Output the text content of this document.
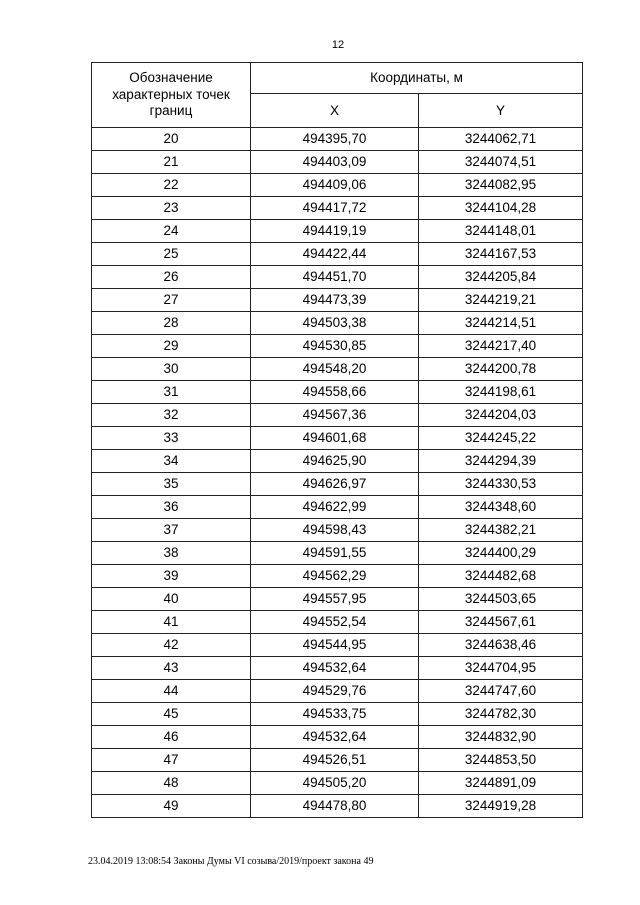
12
Обозначение характерных точек границ	Координаты, м	
	X	Y
20	494395,70	3244062,71
21	494403,09	3244074,51
22	494409,06	3244082,95
23	494417,72	3244104,28
24	494419,19	3244148,01
25	494422,44	3244167,53
26	494451,70	3244205,84
27	494473,39	3244219,21
28	494503,38	3244214,51
29	494530,85	3244217,40
30	494548,20	3244200,78
31	494558,66	3244198,61
32	494567,36	3244204,03
33	494601,68	3244245,22
34	494625,90	3244294,39
35	494626,97	3244330,53
36	494622,99	3244348,60
37	494598,43	3244382,21
38	494591,55	3244400,29
39	494562,29	3244482,68
40	494557,95	3244503,65
41	494552,54	3244567,61
42	494544,95	3244638,46
43	494532,64	3244704,95
44	494529,76	3244747,60
45	494533,75	3244782,30
46	494532,64	3244832,90
47	494526,51	3244853,50
48	494505,20	3244891,09
49	494478,80	3244919,28
23.04.2019 13:08:54 Законы Думы VI созыва/2019/проект закона 49
